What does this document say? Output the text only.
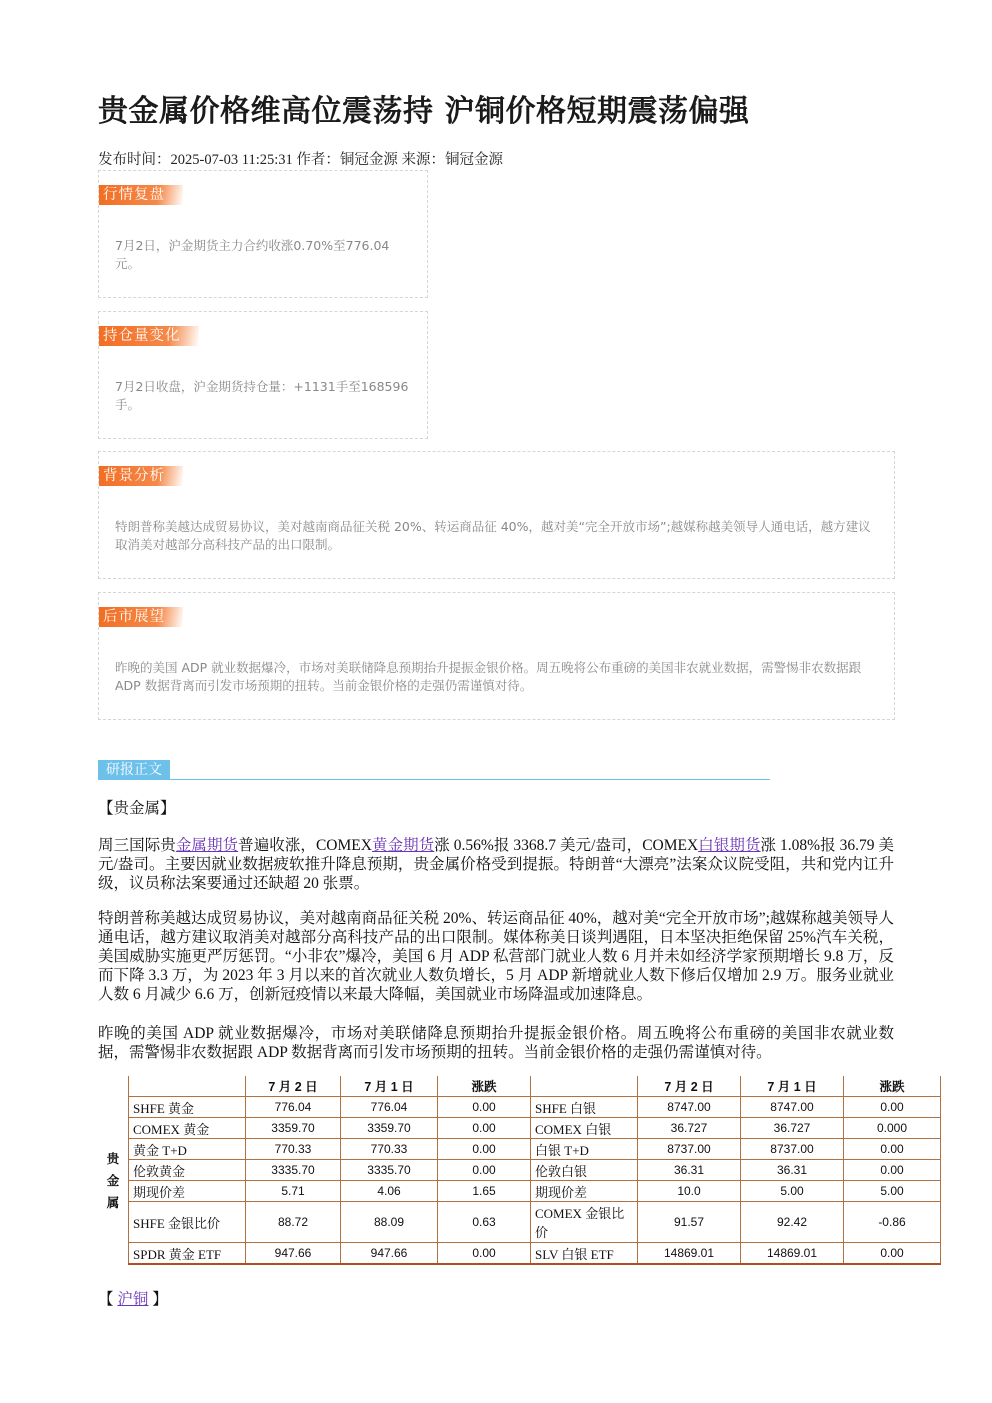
贵金属价格维高位震荡持 沪铜价格短期震荡偏强
发布时间：2025-07-03 11:25:31 作者：铜冠金源 来源：铜冠金源
行情复盘
7月2日，沪金期货主力合约收涨0.70%至776.04元。
持仓量变化
7月2日收盘，沪金期货持仓量：+1131手至168596手。
背景分析
特朗普称美越达成贸易协议，美对越南商品征关税 20%、转运商品征 40%，越对美“完全开放市场”;越媒称越美领导人通电话，越方建议取消美对越部分高科技产品的出口限制。
后市展望
昨晚的美国 ADP 就业数据爆冷，市场对美联储降息预期抬升提振金银价格。周五晚将公布重磅的美国非农就业数据，需警惕非农数据跟 ADP 数据背离而引发市场预期的扭转。当前金银价格的走强仍需谨慎对待。
研报正文
【贵金属】
周三国际贵金属期货普遍收涨，COMEX黄金期货涨 0.56%报 3368.7 美元/盎司，COMEX白银期货涨 1.08%报 36.79 美元/盎司。主要因就业数据疲软推升降息预期，贵金属价格受到提振。特朗普“大漂亮”法案众议院受阻，共和党内讧升级，议员称法案要通过还缺超 20 张票。
特朗普称美越达成贸易协议，美对越南商品征关税 20%、转运商品征 40%，越对美“完全开放市场”;越媒称越美领导人通电话，越方建议取消美对越部分高科技产品的出口限制。媒体称美日谈判遇阻，日本坚决拒绝保留 25%汽车关税，美国威胁实施更严厉惩罚。“小非农”爆冷，美国 6 月 ADP 私营部门就业人数 6 月并未如经济学家预期增长 9.8 万，反而下降 3.3 万，为 2023 年 3 月以来的首次就业人数负增长，5 月 ADP 新增就业人数下修后仅增加 2.9 万。服务业就业人数 6 月减少 6.6 万，创新冠疫情以来最大降幅，美国就业市场降温或加速降息。
昨晚的美国 ADP 就业数据爆冷，市场对美联储降息预期抬升提振金银价格。周五晚将公布重磅的美国非农就业数据，需警惕非农数据跟 ADP 数据背离而引发市场预期的扭转。当前金银价格的走强仍需谨慎对待。
贵
金
属		7 月 2 日	7 月 1 日	涨跌		7 月 2 日	7 月 1 日	涨跌
	SHFE 黄金	776.04	776.04	0.00	SHFE 白银	8747.00	8747.00	0.00
	COMEX 黄金	3359.70	3359.70	0.00	COMEX 白银	36.727	36.727	0.000
	黄金 T+D	770.33	770.33	0.00	白银 T+D	8737.00	8737.00	0.00
	伦敦黄金	3335.70	3335.70	0.00	伦敦白银	36.31	36.31	0.00
	期现价差	5.71	4.06	1.65	期现价差	10.0	5.00	5.00
	SHFE 金银比价	88.72	88.09	0.63	COMEX 金银比价	91.57	92.42	-0.86
	SPDR 黄金 ETF	947.66	947.66	0.00	SLV 白银 ETF	14869.01	14869.01	0.00
【 沪铜 】
